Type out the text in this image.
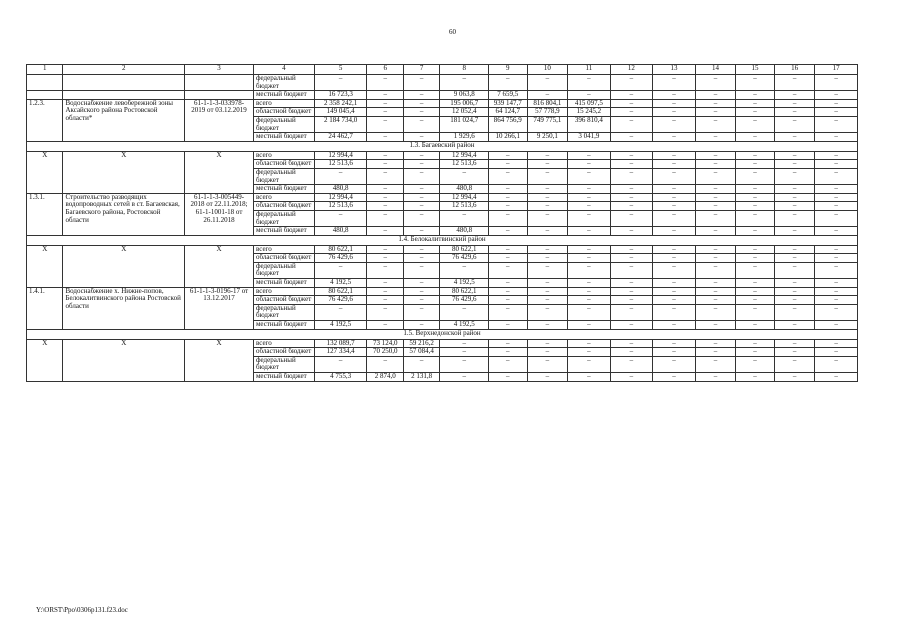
60
1	2	3	4	5	6	7	8	9	10	11	12	13	14	15	16	17
			федеральный бюджет	–	–	–	–	–	–	–	–	–	–	–	–	–
			местный бюджет	16 723,3	–	–	9 063,8	7 659,5	–	–	–	–	–	–	–	–
1.2.3.	Водоснабжение левобережной зоны Аксайского района Ростовской области*	61-1-1-3-033978-2019 от 03.12.2019	всего	2 358 242,1	–	–	195 006,7	939 147,7	816 804,1	415 097,5	–	–	–	–	–	–
			областной бюджет	149 045,4	–	–	12 052,4	64 124,7	57 778,9	15 245,2	–	–	–	–	–	–
			федеральный бюджет	2 184 734,0	–	–	181 024,7	864 756,9	749 775,1	396 810,4	–	–	–	–	–	–
			местный бюджет	24 462,7	–	–	1 929,6	10 266,1	9 250,1	3 041,9	–	–	–	–	–	–
1.3. Багаевский район																
Х	Х	Х	всего	12 994,4	–	–	12 994,4	–	–	–	–	–	–	–	–	–
			областной бюджет	12 513,6	–	–	12 513,6	–	–	–	–	–	–	–	–	–
			федеральный бюджет	–	–	–	–	–	–	–	–	–	–	–	–	–
			местный бюджет	480,8	–	–	480,8	–	–	–	–	–	–	–	–	–
1.3.1.	Строительство разводящих водопроводных сетей в ст. Багаевская, Багаевского района, Ростовской области	61-1-1-3-005449-2018 от 22.11.2018; 61-1-1001-18 от 26.11.2018	всего	12 994,4	–	–	12 994,4	–	–	–	–	–	–	–	–	–
			областной бюджет	12 513,6	–	–	12 513,6	–	–	–	–	–	–	–	–	–
			федеральный бюджет	–	–	–	–	–	–	–	–	–	–	–	–	–
			местный бюджет	480,8	–	–	480,8	–	–	–	–	–	–	–	–	–
1.4. Белокалитвинский район																
Х	Х	Х	всего	80 622,1	–	–	80 622,1	–	–	–	–	–	–	–	–	–
			областной бюджет	76 429,6	–	–	76 429,6	–	–	–	–	–	–	–	–	–
			федеральный бюджет	–	–	–	–	–	–	–	–	–	–	–	–	–
			местный бюджет	4 192,5	–	–	4 192,5	–	–	–	–	–	–	–	–	–
1.4.1.	Водоснабжение х. Нижне-попов, Белокалитвинского района Ростовской области	61-1-1-3-0196-17 от 13.12.2017	всего	80 622,1	–	–	80 622,1	–	–	–	–	–	–	–	–	–
			областной бюджет	76 429,6	–	–	76 429,6	–	–	–	–	–	–	–	–	–
			федеральный бюджет	–	–	–	–	–	–	–	–	–	–	–	–	–
			местный бюджет	4 192,5	–	–	4 192,5	–	–	–	–	–	–	–	–	–
1.5. Верхнедонской район																
Х	Х	Х	всего	132 089,7	73 124,0	59 216,2	–	–	–	–	–	–	–	–	–	–
			областной бюджет	127 334,4	70 250,0	57 084,4	–	–	–	–	–	–	–	–	–	–
			федеральный бюджет	–	–	–	–	–	–	–	–	–	–	–	–	–
			местный бюджет	4 755,3	2 874,0	2 131,8	–	–	–	–	–	–	–	–	–	–
Y:\ORST\Ppo\0306p131.f23.doc
